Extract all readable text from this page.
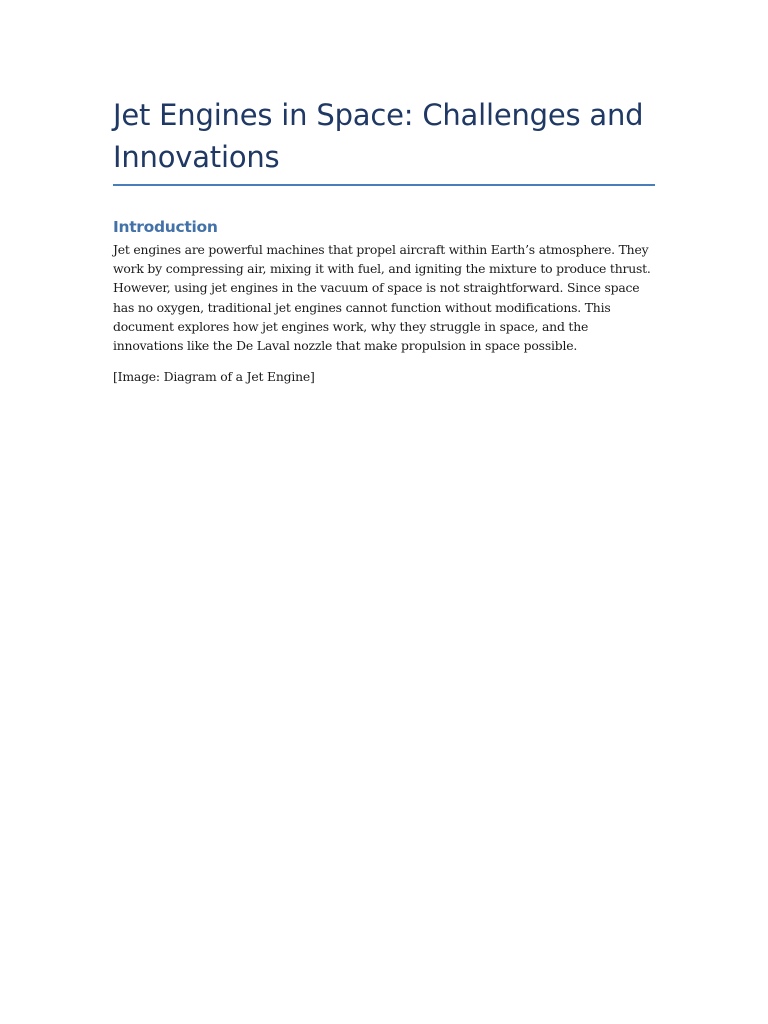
Jet Engines in Space: Challenges and Innovations
Introduction

Jet engines are powerful machines that propel aircraft within Earth’s atmosphere. They work by compressing air, mixing it with fuel, and igniting the mixture to produce thrust. However, using jet engines in the vacuum of space is not straightforward. Since space has no oxygen, traditional jet engines cannot function without modifications. This document explores how jet engines work, why they struggle in space, and the innovations like the De Laval nozzle that make propulsion in space possible.

[Image: Diagram of a Jet Engine]
